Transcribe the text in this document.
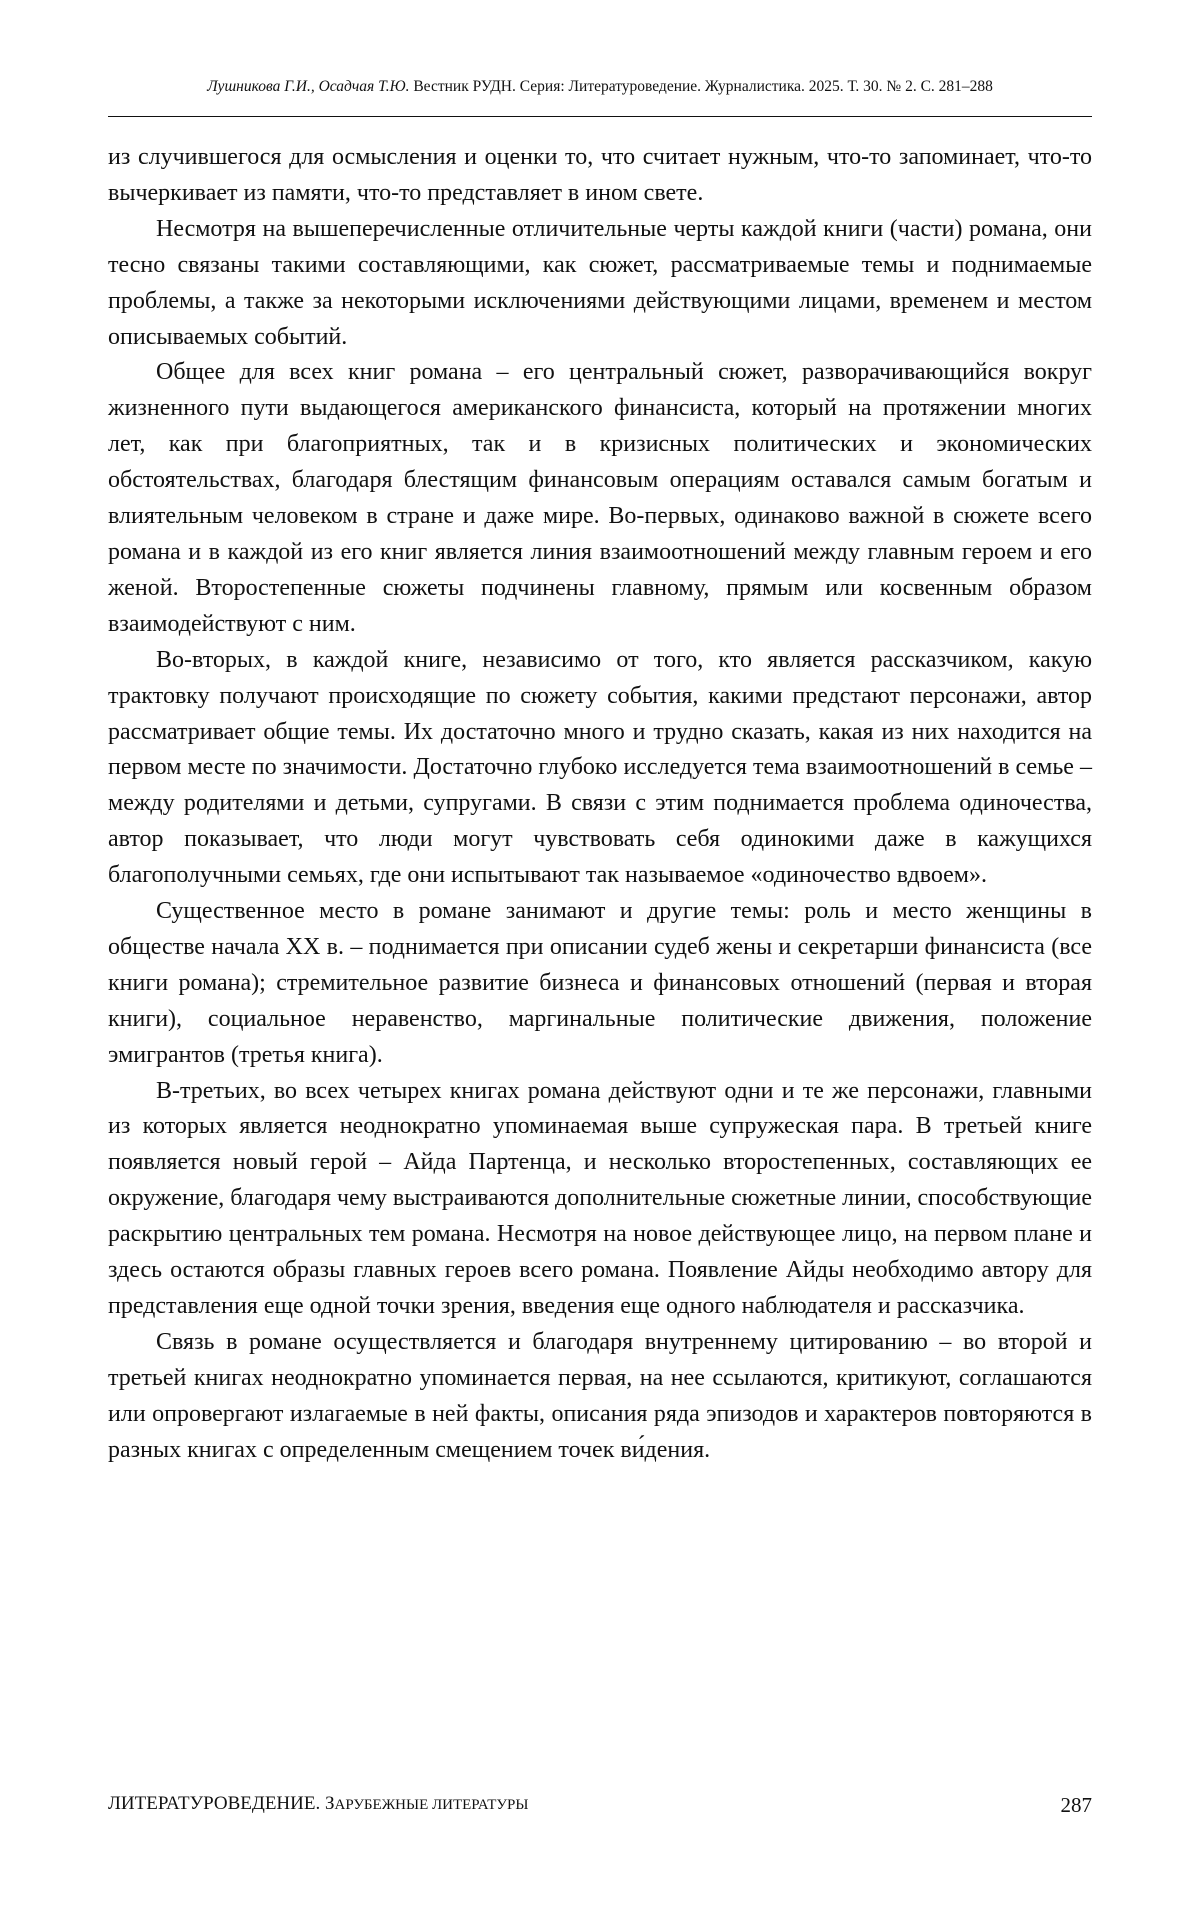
Лушникова Г.И., Осадчая Т.Ю. Вестник РУДН. Серия: Литературоведение. Журналистика. 2025. Т. 30. № 2. С. 281–288

из случившегося для осмысления и оценки то, что считает нужным, что-то запоминает, что-то вычеркивает из памяти, что-то представляет в ином свете.

Несмотря на вышеперечисленные отличительные черты каждой книги (части) романа, они тесно связаны такими составляющими, как сюжет, рас­сматриваемые темы и поднимаемые проблемы, а также за некоторыми исклю­чениями действующими лицами, временем и местом описываемых событий.

Общее для всех книг романа – его центральный сюжет, разворачивающийся вокруг жизненного пути выдающегося американского финансиста, который на протяжении многих лет, как при благоприятных, так и в кризисных политиче­ских и экономических обстоятельствах, благодаря блестящим финансовым опе­рациям оставался самым богатым и влиятельным человеком в стране и даже мире. Во-первых, одинаково важной в сюжете всего романа и в каждой из его книг является линия взаимоотношений между главным героем и его женой. Второстепенные сюжеты подчинены главному, прямым или косвенным обра­зом взаимодействуют с ним.

Во-вторых, в каждой книге, независимо от того, кто является рассказчи­ком, какую трактовку получают происходящие по сюжету события, какими предстают персонажи, автор рассматривает общие темы. Их достаточно мно­го и трудно сказать, какая из них находится на первом месте по значимости. Достаточно глубоко исследуется тема взаимоотношений в семье – между ро­дителями и детьми, супругами. В связи с этим поднимается проблема одино­чества, автор показывает, что люди могут чувствовать себя одинокими даже в кажущихся благополучными семьях, где они испытывают так называемое «одиночество вдвоем».

Существенное место в романе занимают и другие темы: роль и место женщины в обществе начала XX в. – поднимается при описании судеб жены и секретарши финансиста (все книги романа); стремительное развитие биз­неса и финансовых отношений (первая и вторая книги), социальное нера­венство, маргинальные политические движения, положение эмигрантов (тре­тья книга).

В-третьих, во всех четырех книгах романа действуют одни и те же персо­нажи, главными из которых является неоднократно упоминаемая выше супру­жеская пара. В третьей книге появляется новый герой – Айда Партенца, и не­сколько второстепенных, составляющих ее окружение, благодаря чему выстраиваются дополнительные сюжетные линии, способствующие раскры­тию центральных тем романа. Несмотря на новое действующее лицо, на пер­вом плане и здесь остаются образы главных героев всего романа. Появление Айды необходимо автору для представления еще одной точки зрения, введе­ния еще одного наблюдателя и рассказчика.

Связь в романе осуществляется и благодаря внутреннему цитированию – во второй и третьей книгах неоднократно упоминается первая, на нее ссыла­ются, критикуют, соглашаются или опровергают излагаемые в ней факты, описания ряда эпизодов и характеров повторяются в разных книгах с опреде­ленным смещением точек ви́дения.

ЛИТЕРАТУРОВЕДЕНИЕ. ЗАРУБЕЖНЫЕ ЛИТЕРАТУРЫ	287
